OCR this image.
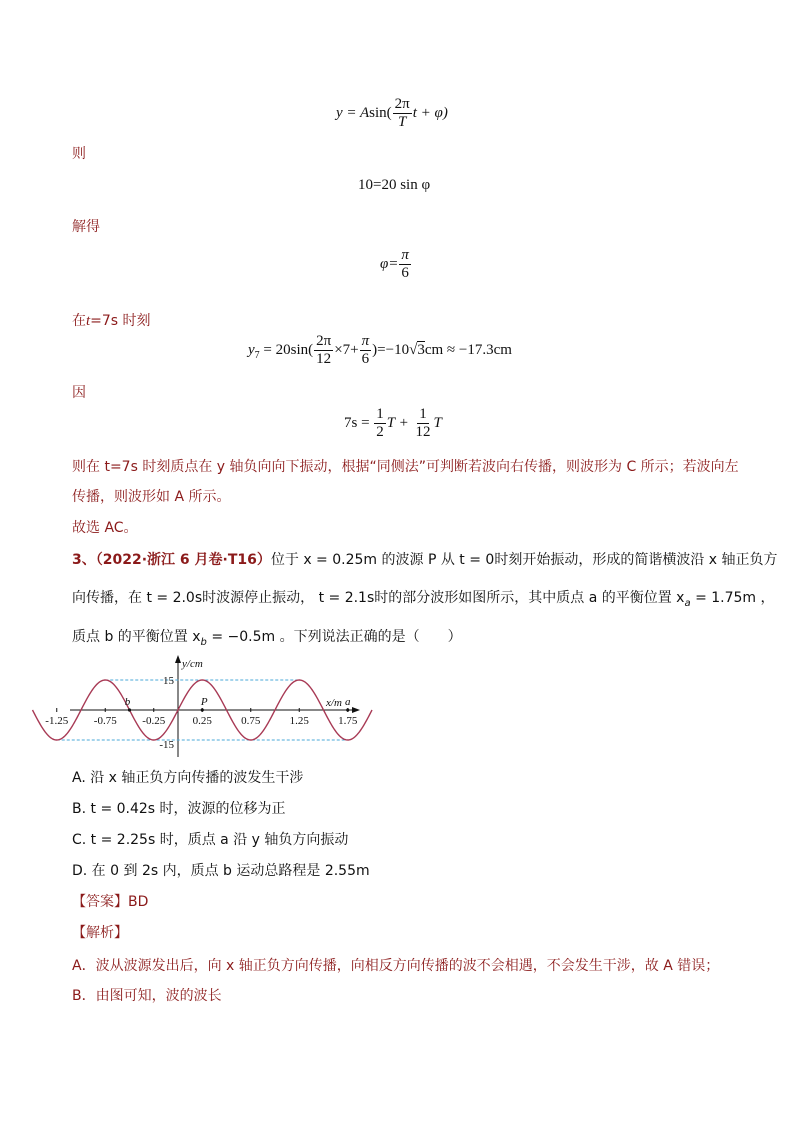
$y = Asin( \frac{2\pi}{T}$ t + φ)
则
10=20 sin φ
解得
$\varphi= \frac{\pi}{6}$
在t=7s 时刻
$y_7 = 20\sin( \frac{2\pi}{12} \times 7+ \frac{\pi}{6} )=-10√3cm \approx -17.3cm$
因
$7s = \frac{1}{2}$ $T + \frac{1}{12}$ T
则在 t=7s 时刻质点在 y 轴负向向下振动，根据“同侧法”可判断若波向右传播，则波形为 C 所示；若波向左
传播，则波形如 A 所示。
故选 AC。
3、（2022·浙江 6 月卷·T16）位于 x = 0.25m 的波源 P 从 t = 0时刻开始振动，形成的简谐横波沿 x 轴正负方
向传播，在 t = 2.0s时波源停止振动， t = 2.1s时的部分波形如图所示，其中质点 a 的平衡位置 $x_a = 1.75m$ ，
质点 b 的平衡位置 $x_b = -0.5m$ 。下列说法正确的是（　　）
-1.25 -0.75 -0.25 0.25	0.75	1.25	1.75
15
-15
x/m
y/cm
b	P	a
A. 沿 x 轴正负方向传播的波发生干涉
B. t = 0.42s 时，波源的位移为正
C. t = 2.25s 时，质点 a 沿 y 轴负方向振动
D. 在 0 到 2s 内，质点 b 运动总路程是 2.55m
【答案】BD
【解析】
A．波从波源发出后，向 x 轴正负方向传播，向相反方向传播的波不会相遇，不会发生干涉，故 A 错误；
B．由图可知，波的波长
